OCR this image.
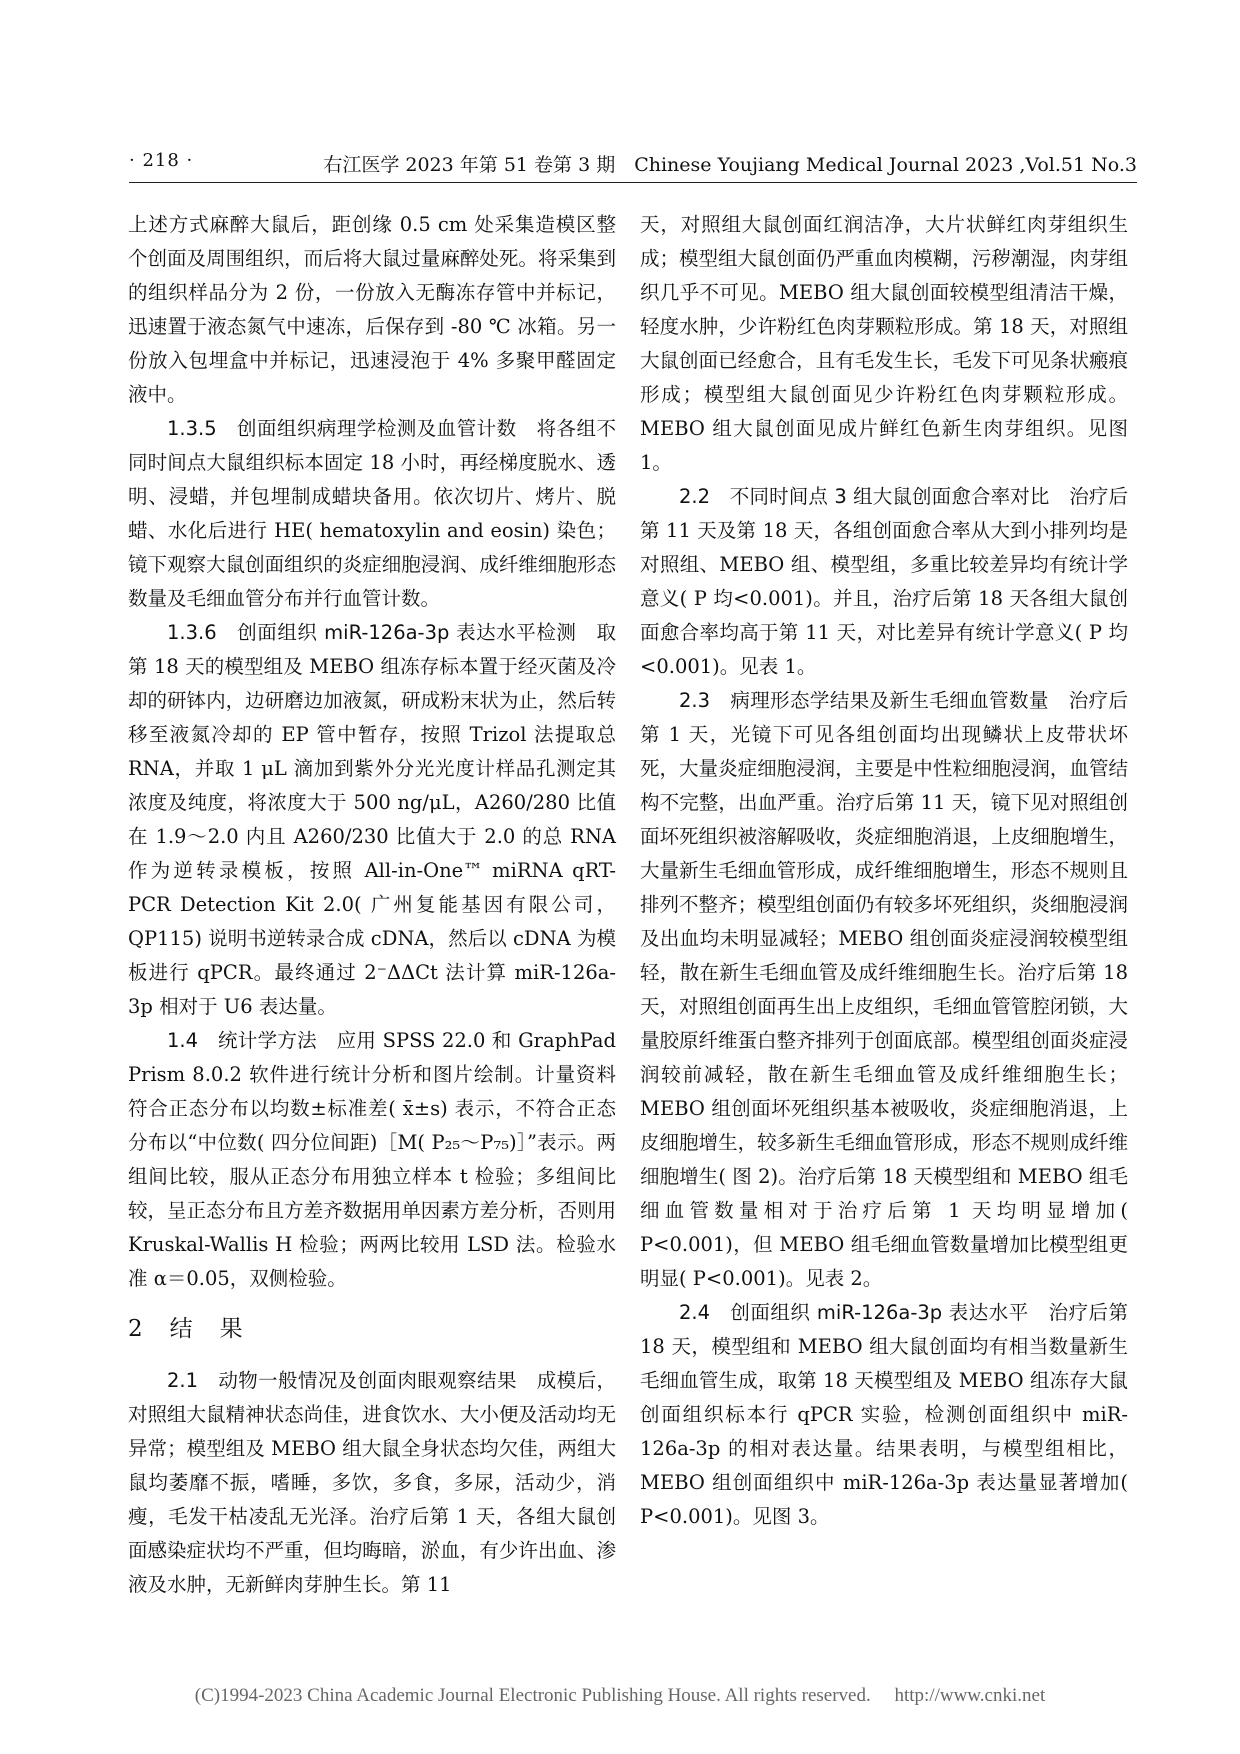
· 218 ·	右江医学 2023 年第 51 卷第 3 期　Chinese Youjiang Medical Journal 2023 ,Vol.51 No.3

上述方式麻醉大鼠后，距创缘 0.5 cm 处采集造模区整个创面及周围组织，而后将大鼠过量麻醉处死。将采集到的组织样品分为 2 份，一份放入无酶冻存管中并标记，迅速置于液态氮气中速冻，后保存到 -80 ℃ 冰箱。另一份放入包埋盒中并标记，迅速浸泡于 4% 多聚甲醛固定液中。

1.3.5　创面组织病理学检测及血管计数　将各组不同时间点大鼠组织标本固定 18 小时，再经梯度脱水、透明、浸蜡，并包埋制成蜡块备用。依次切片、烤片、脱蜡、水化后进行 HE( hematoxylin and eosin) 染色；镜下观察大鼠创面组织的炎症细胞浸润、成纤维细胞形态数量及毛细血管分布并行血管计数。

1.3.6　创面组织 miR-126a-3p 表达水平检测　取第 18 天的模型组及 MEBO 组冻存标本置于经灭菌及冷却的研钵内，边研磨边加液氮，研成粉末状为止，然后转移至液氮冷却的 EP 管中暂存，按照 Trizol 法提取总 RNA，并取 1 μL 滴加到紫外分光光度计样品孔测定其浓度及纯度，将浓度大于 500 ng/μL，A260/280 比值在 1.9～2.0 内且 A260/230 比值大于 2.0 的总 RNA 作为逆转录模板，按照 All-in-One™ miRNA qRT-PCR Detection Kit 2.0( 广州复能基因有限公司，QP115) 说明书逆转录合成 cDNA，然后以 cDNA 为模板进行 qPCR。最终通过 2⁻ΔΔCt 法计算 miR-126a-3p 相对于 U6 表达量。

1.4　统计学方法　应用 SPSS 22.0 和 GraphPad Prism 8.0.2 软件进行统计分析和图片绘制。计量资料符合正态分布以均数±标准差( x̄±s) 表示，不符合正态分布以“中位数( 四分位间距)［M( P₂₅～P₇₅)］”表示。两组间比较，服从正态分布用独立样本 t 检验；多组间比较，呈正态分布且方差齐数据用单因素方差分析，否则用 Kruskal-Wallis H 检验；两两比较用 LSD 法。检验水准 α＝0.05，双侧检验。

2　结　果

2.1　动物一般情况及创面肉眼观察结果　成模后，对照组大鼠精神状态尚佳，进食饮水、大小便及活动均无异常；模型组及 MEBO 组大鼠全身状态均欠佳，两组大鼠均萎靡不振，嗜睡，多饮，多食，多尿，活动少，消瘦，毛发干枯凌乱无光泽。治疗后第 1 天，各组大鼠创面感染症状均不严重，但均晦暗，淤血，有少许出血、渗液及水肿，无新鲜肉芽肿生长。第 11

天，对照组大鼠创面红润洁净，大片状鲜红肉芽组织生成；模型组大鼠创面仍严重血肉模糊，污秽潮湿，肉芽组织几乎不可见。MEBO 组大鼠创面较模型组清洁干燥，轻度水肿，少许粉红色肉芽颗粒形成。第 18 天，对照组大鼠创面已经愈合，且有毛发生长，毛发下可见条状瘢痕形成；模型组大鼠创面见少许粉红色肉芽颗粒形成。MEBO 组大鼠创面见成片鲜红色新生肉芽组织。见图 1。

2.2　不同时间点 3 组大鼠创面愈合率对比　治疗后第 11 天及第 18 天，各组创面愈合率从大到小排列均是对照组、MEBO 组、模型组，多重比较差异均有统计学意义( P 均<0.001)。并且，治疗后第 18 天各组大鼠创面愈合率均高于第 11 天，对比差异有统计学意义( P 均<0.001)。见表 1。

2.3　病理形态学结果及新生毛细血管数量　治疗后第 1 天，光镜下可见各组创面均出现鳞状上皮带状坏死，大量炎症细胞浸润，主要是中性粒细胞浸润，血管结构不完整，出血严重。治疗后第 11 天，镜下见对照组创面坏死组织被溶解吸收，炎症细胞消退，上皮细胞增生，大量新生毛细血管形成，成纤维细胞增生，形态不规则且排列不整齐；模型组创面仍有较多坏死组织，炎细胞浸润及出血均未明显减轻；MEBO 组创面炎症浸润较模型组轻，散在新生毛细血管及成纤维细胞生长。治疗后第 18 天，对照组创面再生出上皮组织，毛细血管管腔闭锁，大量胶原纤维蛋白整齐排列于创面底部。模型组创面炎症浸润较前减轻，散在新生毛细血管及成纤维细胞生长；MEBO 组创面坏死组织基本被吸收，炎症细胞消退，上皮细胞增生，较多新生毛细血管形成，形态不规则成纤维细胞增生( 图 2)。治疗后第 18 天模型组和 MEBO 组毛细血管数量相对于治疗后第 1 天均明显增加( P<0.001)，但 MEBO 组毛细血管数量增加比模型组更明显( P<0.001)。见表 2。

2.4　创面组织 miR-126a-3p 表达水平　治疗后第 18 天，模型组和 MEBO 组大鼠创面均有相当数量新生毛细血管生成，取第 18 天模型组及 MEBO 组冻存大鼠创面组织标本行 qPCR 实验，检测创面组织中 miR-126a-3p 的相对表达量。结果表明，与模型组相比，MEBO 组创面组织中 miR-126a-3p 表达量显著增加( P<0.001)。见图 3。

(C)1994-2023 China Academic Journal Electronic Publishing House. All rights reserved.　 http://www.cnki.net
